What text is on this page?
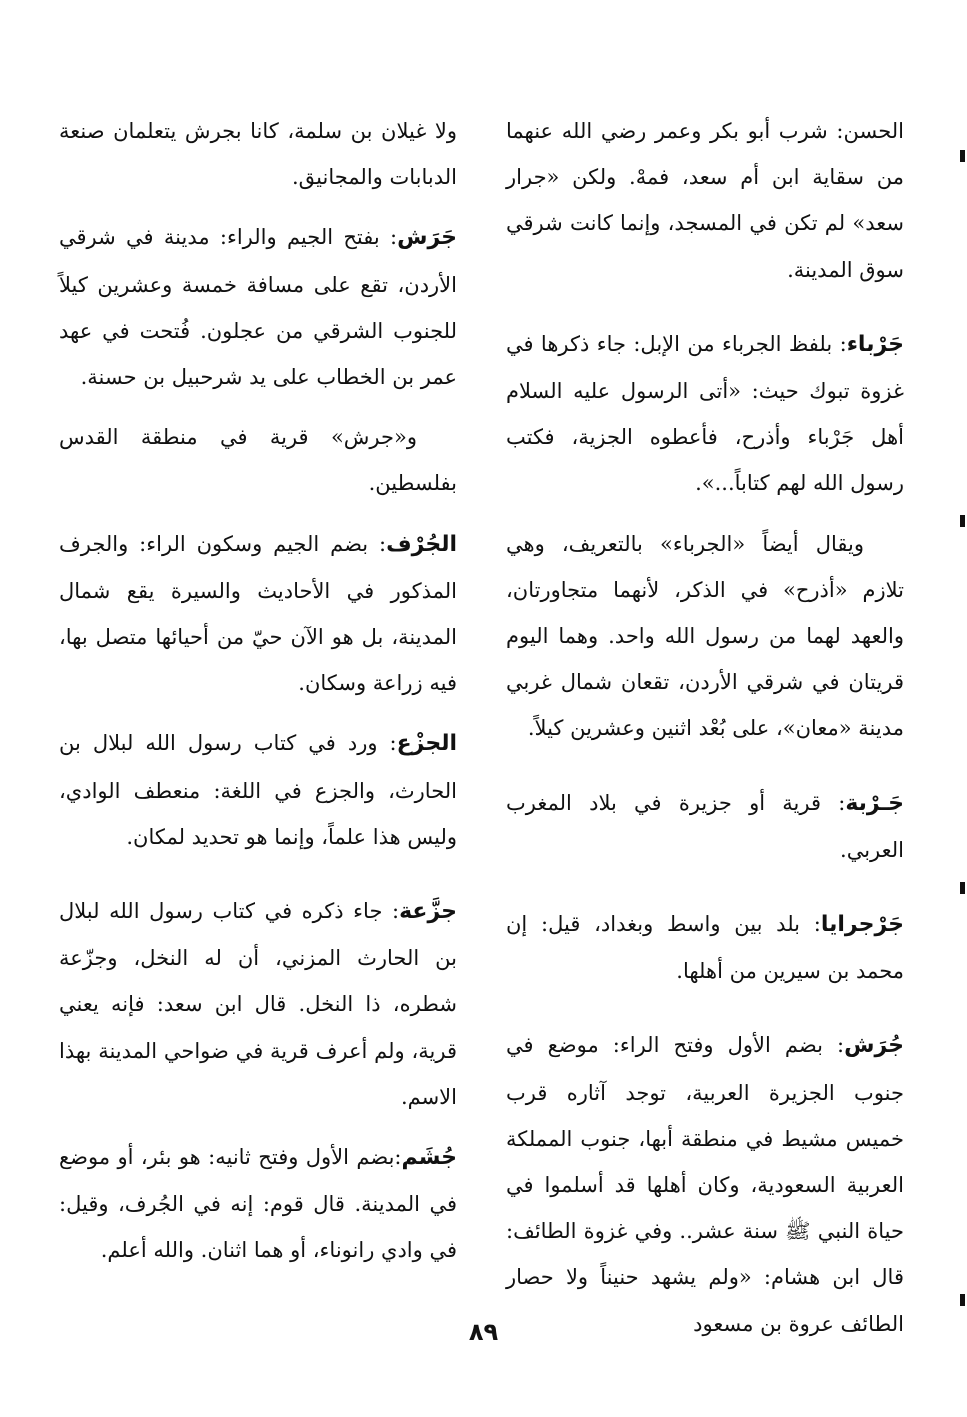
الحسن: شرب أبو بكر وعمر رضي الله عنهما من سقاية ابن أم سعد، فمهْ. ولكن «جرار سعد» لم تكن في المسجد، وإنما كانت شرقي سوق المدينة.

جَرْباء: بلفظ الجرباء من الإبل: جاء ذكرها في غزوة تبوك حيث: «أتى الرسول عليه السلام أهل جَرْباء وأذرح، فأعطوه الجزية، فكتب رسول الله لهم كتاباً...».

ويقال أيضاً «الجرباء» بالتعريف، وهي تلازم «أذرح» في الذكر، لأنهما متجاورتان، والعهد لهما من رسول الله واحد. وهما اليوم قريتان في شرقي الأردن، تقعان شمال غربي مدينة «معان»، على بُعْد اثنين وعشرين كيلاً.

جَـرْبة: قرية أو جزيرة في بلاد المغرب العربي.

جَرْجرايا: بلد بين واسط وبغداد، قيل: إن محمد بن سيرين من أهلها.

جُرَش: بضم الأول وفتح الراء: موضع في جنوب الجزيرة العربية، توجد آثاره قرب خميس مشيط في منطقة أبها، جنوب المملكة العربية السعودية، وكان أهلها قد أسلموا في حياة النبي ﷺ سنة عشر.. وفي غزوة الطائف: قال ابن هشام: «ولم يشهد حنيناً ولا حصار الطائف عروة بن مسعود

ولا غيلان بن سلمة، كانا بجرش يتعلمان صنعة الدبابات والمجانيق.

جَرَش: بفتح الجيم والراء: مدينة في شرقي الأردن، تقع على مسافة خمسة وعشرين كيلاً للجنوب الشرقي من عجلون. فُتحت في عهد عمر بن الخطاب على يد شرحبيل بن حسنة.

و«جرش» قرية في منطقة القدس بفلسطين.

الجُرْف: بضم الجيم وسكون الراء: والجرف المذكور في الأحاديث والسيرة يقع شمال المدينة، بل هو الآن حيّ من أحيائها متصل بها، فيه زراعة وسكان.

الجزْع: ورد في كتاب رسول الله لبلال بن الحارث، والجزع في اللغة: منعطف الوادي، وليس هذا علماً، وإنما هو تحديد لمكان.

جزَّعة: جاء ذكره في كتاب رسول الله لبلال بن الحارث المزني، أن له النخل، وجزّعة شطره، ذا النخل. قال ابن سعد: فإنه يعني قرية، ولم أعرف قرية في ضواحي المدينة بهذا الاسم.

جُشَم:بضم الأول وفتح ثانيه: هو بئر، أو موضع في المدينة. قال قوم: إنه في الجُرف، وقيل: في وادي رانوناء، أو هما اثنان. والله أعلم.

٨٩
